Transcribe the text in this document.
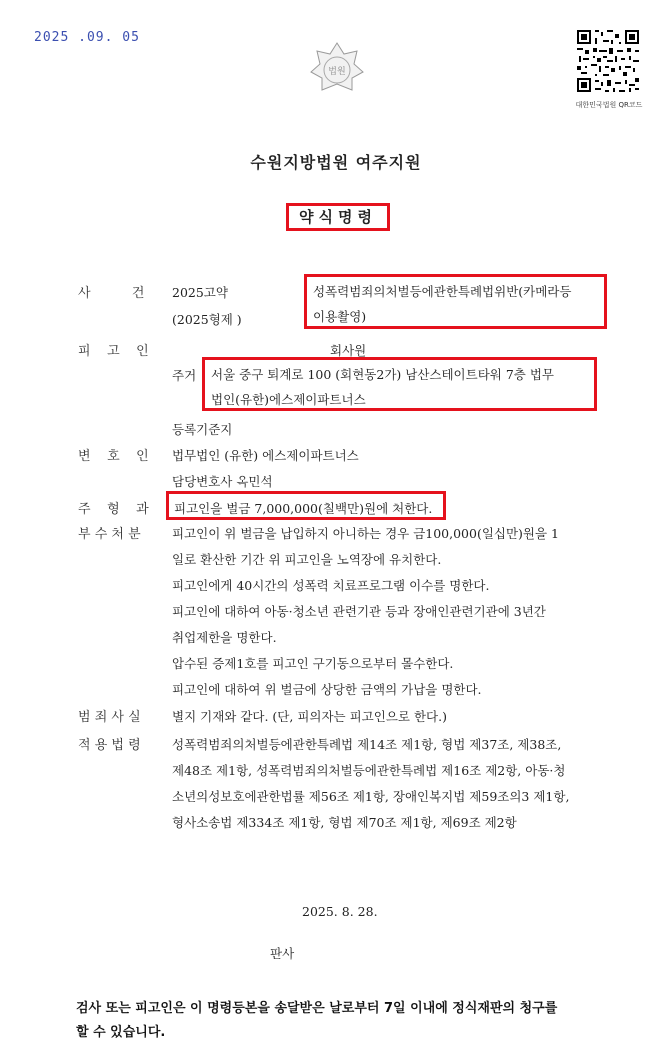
2025 .09. 05
법원
대한민국법원 QR코드
수원지방법원 여주지원
약식명령
사          건 2025고약
(2025형제 )
성폭력범죄의처벌등에관한특례법위반(카메라등
이용촬영)
피    고    인	회사원
주거 서울 중구 퇴계로 100 (회현동2가) 남산스테이트타워 7층 법무
법인(유한)에스제이파트너스
등록기준지
변    호    인 법무법인 (유한) 에스제이파트너스
담당변호사 옥민석
주    형    과 피고인을 벌금 7,000,000(칠백만)원에 처한다.
부 수 처 분	피고인이 위 벌금을 납입하지 아니하는 경우 금100,000(일십만)원을 1
일로 환산한 기간 위 피고인을 노역장에 유치한다.
피고인에게 40시간의 성폭력 치료프로그램 이수를 명한다.
피고인에 대하여 아동·청소년 관련기관 등과 장애인관련기관에 3년간
취업제한을 명한다.
압수된 증제1호를 피고인 구기동으로부터 몰수한다.
피고인에 대하여 위 벌금에 상당한 금액의 가납을 명한다.
범 죄 사 실	별지 기재와 같다. (단, 피의자는 피고인으로 한다.)
적 용 법 령	성폭력범죄의처벌등에관한특례법 제14조 제1항, 형법 제37조, 제38조,
제48조 제1항, 성폭력범죄의처벌등에관한특례법 제16조 제2항, 아동·청
소년의성보호에관한법률 제56조 제1항, 장애인복지법 제59조의3 제1항,
형사소송법 제334조 제1항, 형법 제70조 제1항, 제69조 제2항
2025. 8. 28.
판사
검사 또는 피고인은 이 명령등본을 송달받은 날로부터 7일 이내에 정식재판의 청구를
할 수 있습니다.
